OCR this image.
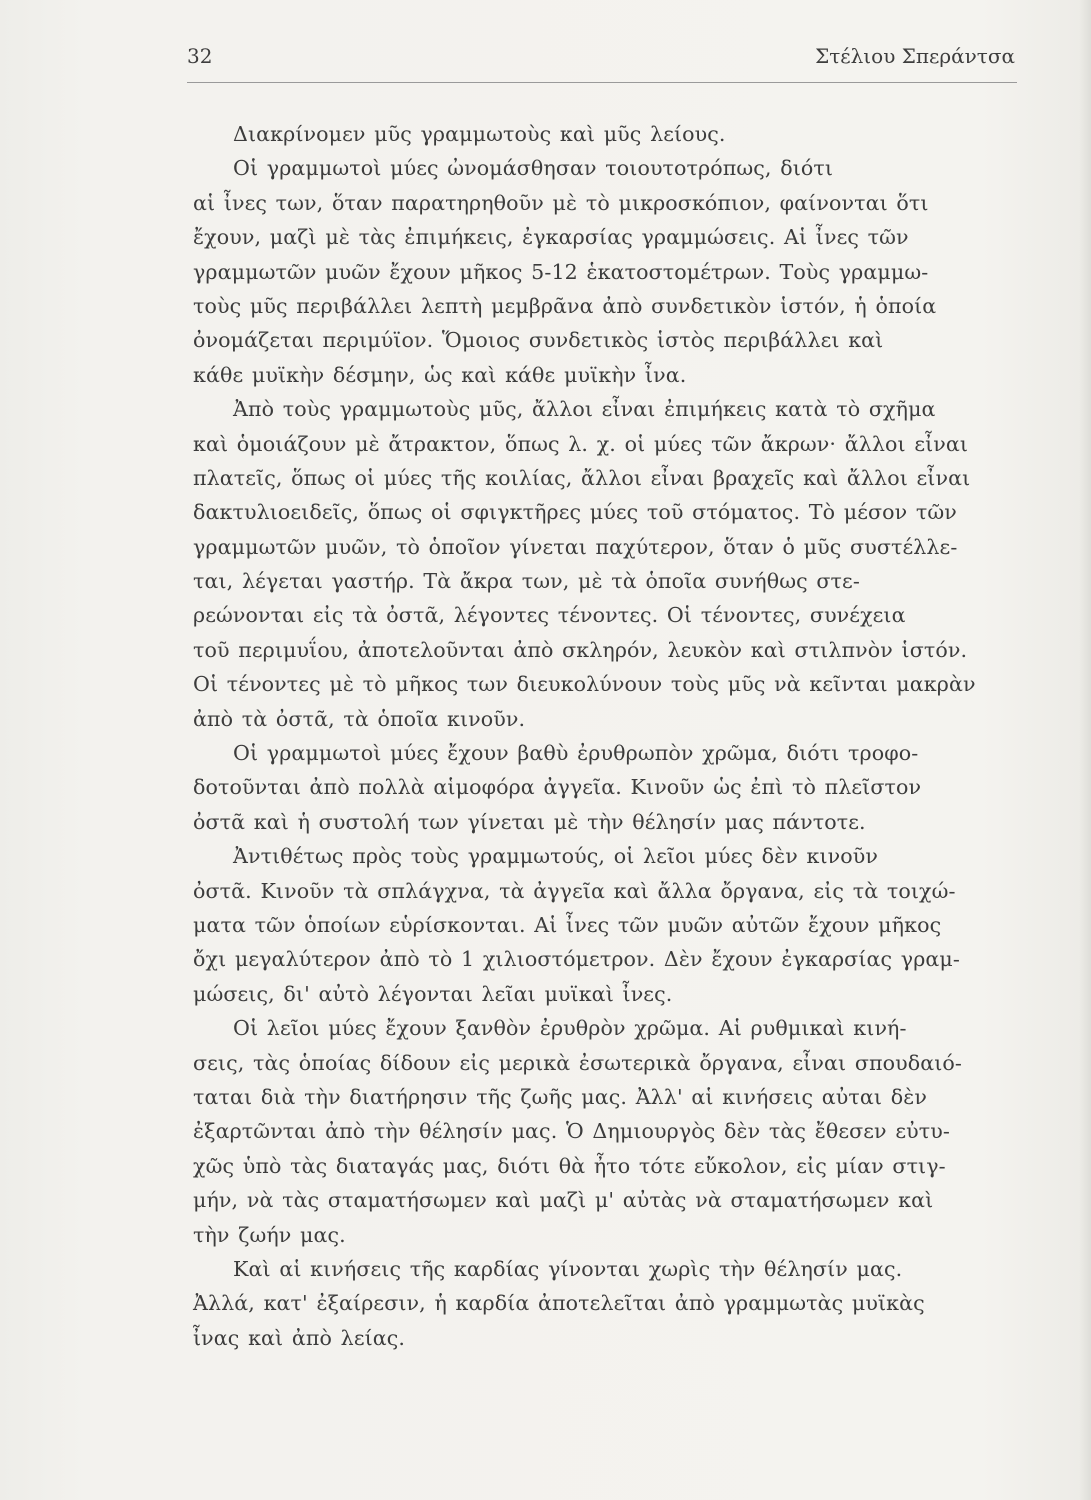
32	Στέλιου Σπεράντσα
Διακρίνομεν μῦς γραμμωτοὺς καὶ μῦς λείους.
Οἱ γραμμωτοὶ μύες ὠνομάσθησαν τοιουτοτρόπως, διότι
αἱ ἶνες των, ὅταν παρατηρηθοῦν μὲ τὸ μικροσκόπιον, φαίνονται ὅτι
ἔχουν, μαζὶ μὲ τὰς ἐπιμήκεις, ἐγκαρσίας γραμμώσεις. Αἱ ἶνες τῶν
γραμμωτῶν μυῶν ἔχουν μῆκος 5-12 ἑκατοστομέτρων. Τοὺς γραμμω-
τοὺς μῦς περιβάλλει λεπτὴ μεμβρᾶνα ἀπὸ συνδετικὸν ἱστόν, ἡ ὁποία
ὀνομάζεται περιμύϊον. Ὅμοιος συνδετικὸς ἱστὸς περιβάλλει καὶ
κάθε μυϊκὴν δέσμην, ὡς καὶ κάθε μυϊκὴν ἶνα.
Ἀπὸ τοὺς γραμμωτοὺς μῦς, ἄλλοι εἶναι ἐπιμήκεις κατὰ τὸ σχῆμα
καὶ ὁμοιάζουν μὲ ἄτρακτον, ὅπως λ. χ. οἱ μύες τῶν ἄκρων· ἄλλοι εἶναι
πλατεῖς, ὅπως οἱ μύες τῆς κοιλίας, ἄλλοι εἶναι βραχεῖς καὶ ἄλλοι εἶναι
δακτυλιοειδεῖς, ὅπως οἱ σφιγκτῆρες μύες τοῦ στόματος. Τὸ μέσον τῶν
γραμμωτῶν μυῶν, τὸ ὁποῖον γίνεται παχύτερον, ὅταν ὁ μῦς συστέλλε-
ται, λέγεται γαστήρ. Τὰ ἄκρα των, μὲ τὰ ὁποῖα συνήθως στε-
ρεώνονται εἰς τὰ ὀστᾶ, λέγοντες τένοντες. Οἱ τένοντες, συνέχεια
τοῦ περιμυΐου, ἀποτελοῦνται ἀπὸ σκληρόν, λευκὸν καὶ στιλπνὸν ἱστόν.
Οἱ τένοντες μὲ τὸ μῆκος των διευκολύνουν τοὺς μῦς νὰ κεῖνται μακρὰν
ἀπὸ τὰ ὀστᾶ, τὰ ὁποῖα κινοῦν.
Οἱ γραμμωτοὶ μύες ἔχουν βαθὺ ἐρυθρωπὸν χρῶμα, διότι τροφο-
δοτοῦνται ἀπὸ πολλὰ αἱμοφόρα ἀγγεῖα. Κινοῦν ὡς ἐπὶ τὸ πλεῖστον
ὀστᾶ καὶ ἡ συστολή των γίνεται μὲ τὴν θέλησίν μας πάντοτε.
Ἀντιθέτως πρὸς τοὺς γραμμωτούς, οἱ λεῖοι μύες δὲν κινοῦν
ὀστᾶ. Κινοῦν τὰ σπλάγχνα, τὰ ἀγγεῖα καὶ ἄλλα ὄργανα, εἰς τὰ τοιχώ-
ματα τῶν ὁποίων εὑρίσκονται. Αἱ ἶνες τῶν μυῶν αὐτῶν ἔχουν μῆκος
ὄχι μεγαλύτερον ἀπὸ τὸ 1 χιλιοστόμετρον. Δὲν ἔχουν ἐγκαρσίας γραμ-
μώσεις, δι' αὐτὸ λέγονται λεῖαι μυϊκαὶ ἶνες.
Οἱ λεῖοι μύες ἔχουν ξανθὸν ἐρυθρὸν χρῶμα. Αἱ ρυθμικαὶ κινή-
σεις, τὰς ὁποίας δίδουν εἰς μερικὰ ἐσωτερικὰ ὄργανα, εἶναι σπουδαιό-
ταται διὰ τὴν διατήρησιν τῆς ζωῆς μας. Ἀλλ' αἱ κινήσεις αὐται δὲν
ἐξαρτῶνται ἀπὸ τὴν θέλησίν μας. Ὁ Δημιουργὸς δὲν τὰς ἔθεσεν εὐτυ-
χῶς ὑπὸ τὰς διαταγάς μας, διότι θὰ ἦτο τότε εὔκολον, εἰς μίαν στιγ-
μήν, νὰ τὰς σταματήσωμεν καὶ μαζὶ μ' αὐτὰς νὰ σταματήσωμεν καὶ
τὴν ζωήν μας.
Καὶ αἱ κινήσεις τῆς καρδίας γίνονται χωρὶς τὴν θέλησίν μας.
Ἀλλά, κατ' ἐξαίρεσιν, ἡ καρδία ἀποτελεῖται ἀπὸ γραμμωτὰς μυϊκὰς
ἶνας καὶ ἀπὸ λείας.
